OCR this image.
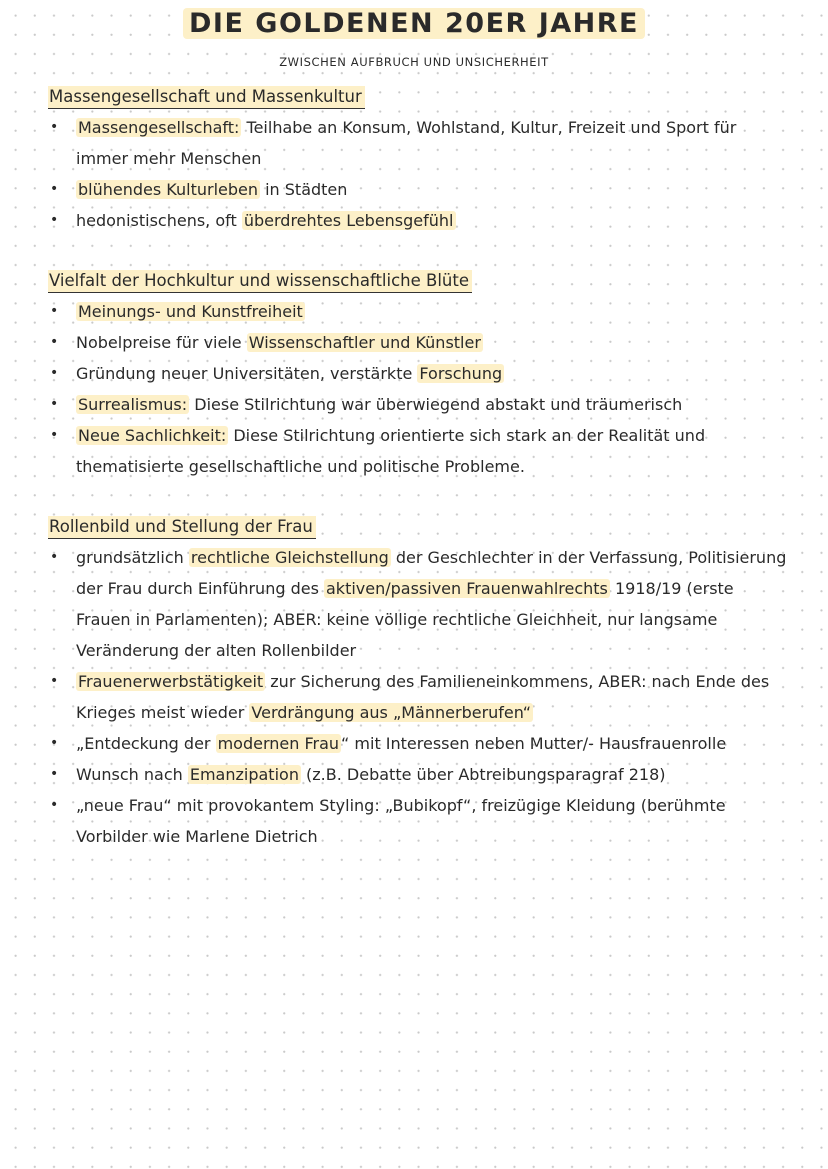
DIE GOLDENEN 20ER JAHRE
ZWISCHEN AUFBRUCH UND UNSICHERHEIT
Massengesellschaft und Massenkultur
• Massengesellschaft: Teilhabe an Konsum, Wohlstand, Kultur, Freizeit und Sport für immer mehr Menschen
• blühendes Kulturleben in Städten
• hedonistischens, oft überdrehtes Lebensgefühl
Vielfalt der Hochkultur und wissenschaftliche Blüte
• Meinungs- und Kunstfreiheit
• Nobelpreise für viele Wissenschaftler und Künstler
• Gründung neuer Universitäten, verstärkte Forschung
• Surrealismus: Diese Stilrichtung war überwiegend abstakt und träumerisch
• Neue Sachlichkeit: Diese Stilrichtung orientierte sich stark an der Realität und thematisierte gesellschaftliche und politische Probleme.
Rollenbild und Stellung der Frau
• grundsätzlich rechtliche Gleichstellung der Geschlechter in der Verfassung, Politisierung der Frau durch Einführung des aktiven/passiven Frauenwahlrechts 1918/19 (erste Frauen in Parlamenten); ABER: keine völlige rechtliche Gleichheit, nur langsame Veränderung der alten Rollenbilder
• Frauenerwerbstätigkeit zur Sicherung des Familieneinkommens, ABER: nach Ende des Krieges meist wieder Verdrängung aus „Männerberufen“
• „Entdeckung der modernen Frau “ mit Interessen neben Mutter/- Hausfrauenrolle
• Wunsch nach Emanzipation (z.B. Debatte über Abtreibungsparagraf 218)
• „neue Frau“ mit provokantem Styling: „Bubikopf“, freizügige Kleidung (berühmte Vorbilder wie Marlene Dietrich
